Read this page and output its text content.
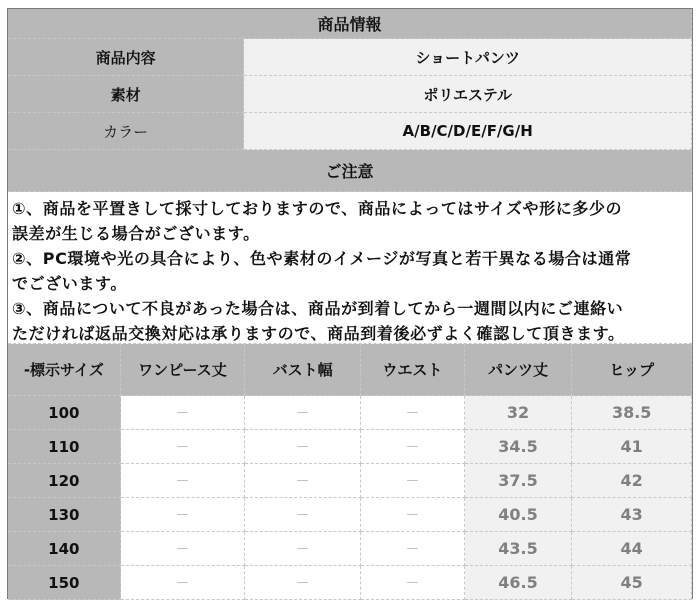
商品情報
商品内容	ショートパンツ
素材	ポリエステル
カラー	A/B/C/D/E/F/G/H
ご注意
①、商品を平置きして採寸しておりますので、商品によってはサイズや形に多少の
誤差が生じる場合がございます。
②、PC環境や光の具合により、色や素材のイメージが写真と若干異なる場合は通常
でございます。
③、商品について不良があった場合は、商品が到着してから一週間以内にご連絡い
ただければ返品交換対応は承りますので、商品到着後必ずよく確認して頂きます。
-標示サイズ	ワンピース丈	バスト幅	ウエスト	パンツ丈	ヒップ
100	－	－	－	32	38.5
110	－	－	－	34.5	41
120	－	－	－	37.5	42
130	－	－	－	40.5	43
140	－	－	－	43.5	44
150	－	－	－	46.5	45
